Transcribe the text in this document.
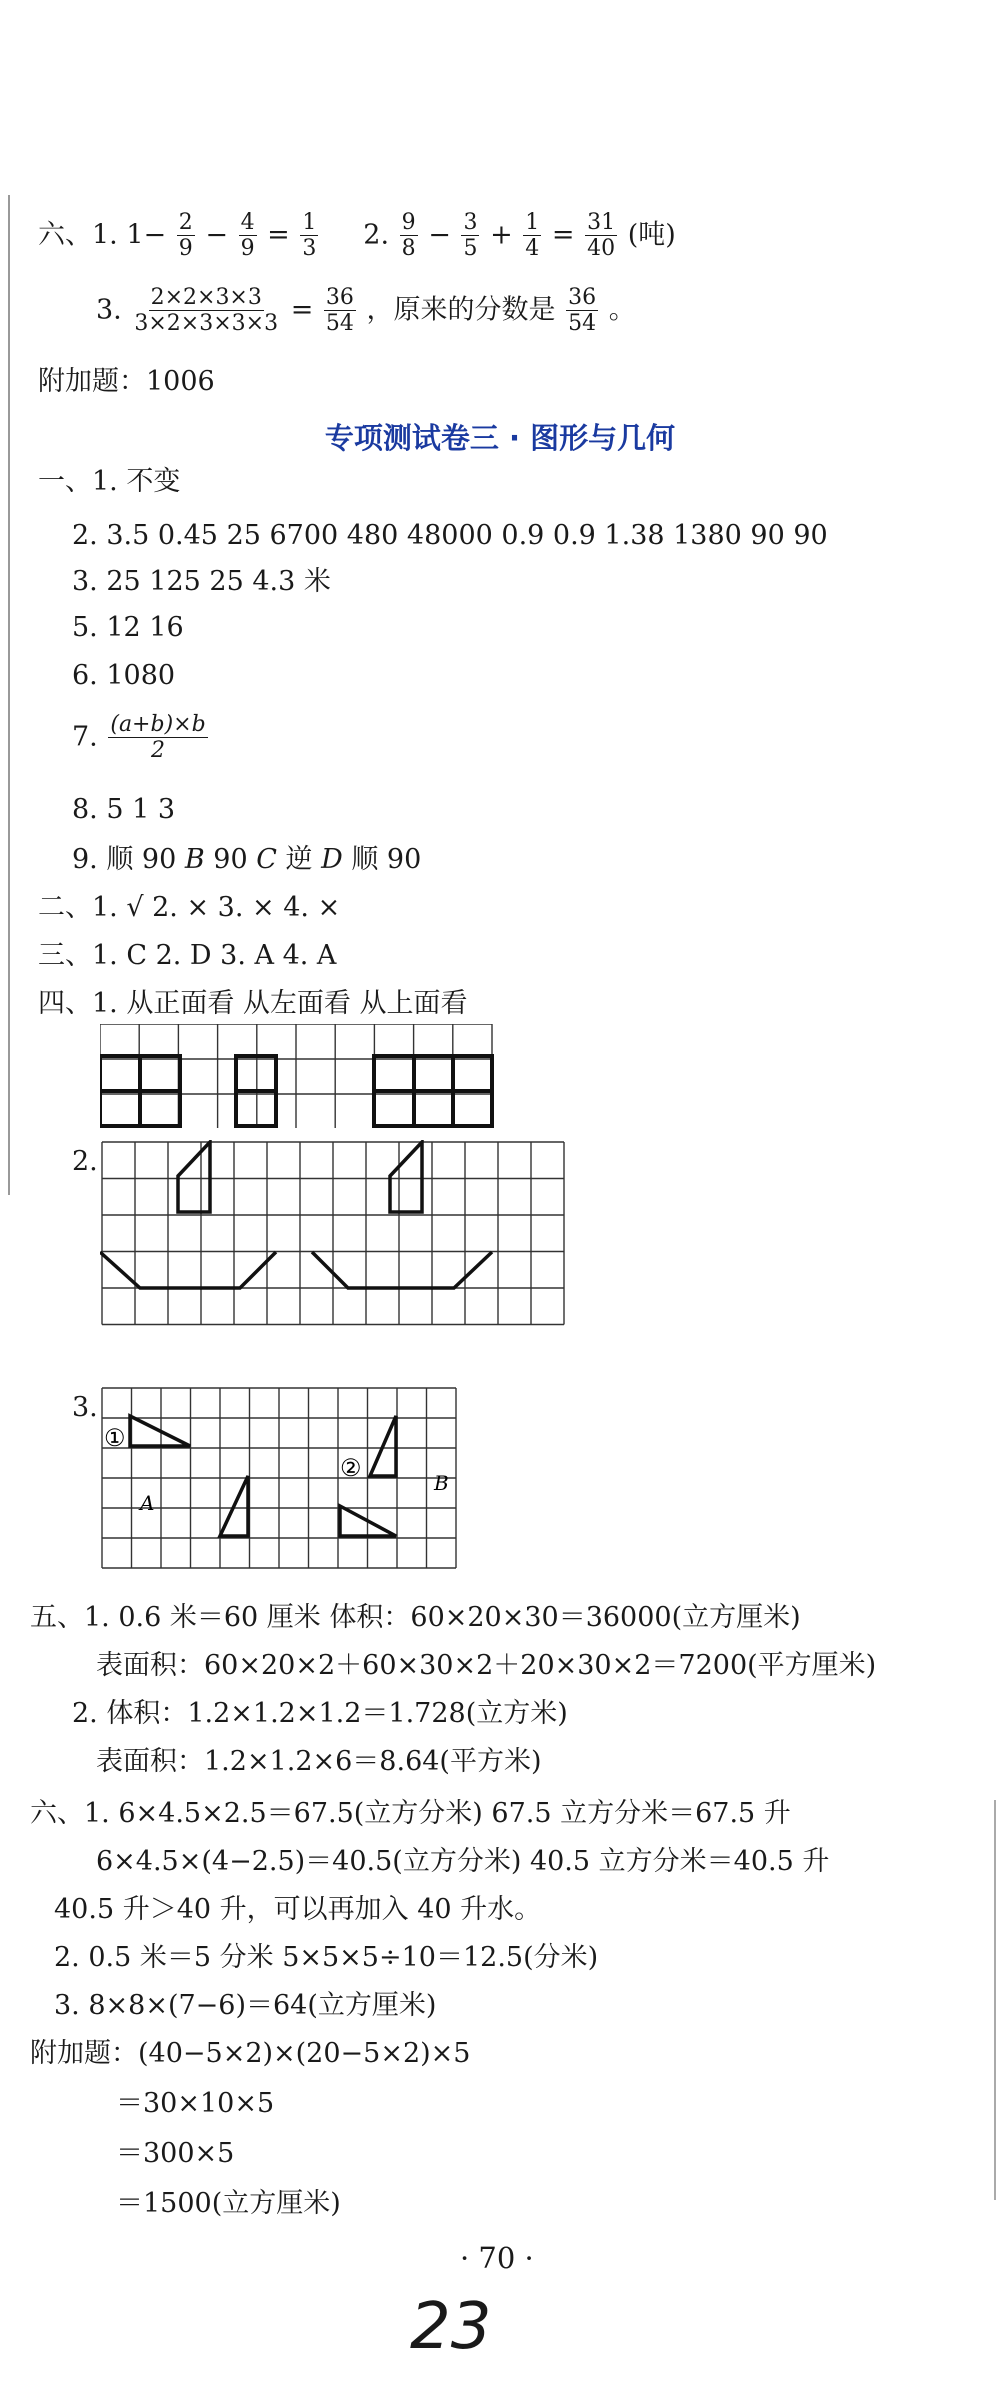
六、1. $1- \frac{2}{9} - \frac{4}{9} = \frac{1}{3} 2$. $\frac{9}{8} - \frac{3}{5} + \frac{1}{4} = \frac{31}{40}$ (吨)
3. $\frac{2\times 2\times 3\times 3}{3\times 2\times 3\times 3\times 3} = \frac{36}{54}$ ，原来的分数是 $\frac{36}{54}$ 。
附加题：1006
专项测试卷三 · 图形与几何
一、1. 不变
2. 3.5 0.45 25 6700 480 48000 0.9 0.9 1.38 1380 90 90
3. 25 125 25 4.3 米
5. 12 16
6. 1080
7. $\frac{(a+b)\times b}{2}$
8. 5 1 3
9. 顺 90 B 90 C 逆 D 顺 90
二、1. √ 2. × 3. × 4. ×
三、1. C 2. D 3. A 4. A
四、1. 从正面看 从左面看 从上面看
2.
3.
①
A
②
B
五、1. 0.6 米＝60 厘米 体积：60×20×30＝36000(立方厘米)
表面积：60×20×2＋60×30×2＋20×30×2＝7200(平方厘米)
2. 体积：1.2×1.2×1.2＝1.728(立方米)
表面积：1.2×1.2×6＝8.64(平方米)
六、1. 6×4.5×2.5＝67.5(立方分米) 67.5 立方分米＝67.5 升
6×4.5×(4−2.5)＝40.5(立方分米) 40.5 立方分米＝40.5 升
40.5 升＞40 升，可以再加入 40 升水。
2. 0.5 米＝5 分米 5×5×5÷10＝12.5(分米)
3. 8×8×(7−6)＝64(立方厘米)
附加题：(40−5×2)×(20−5×2)×5
＝30×10×5
＝300×5
＝1500(立方厘米)
· 70 ·
23
